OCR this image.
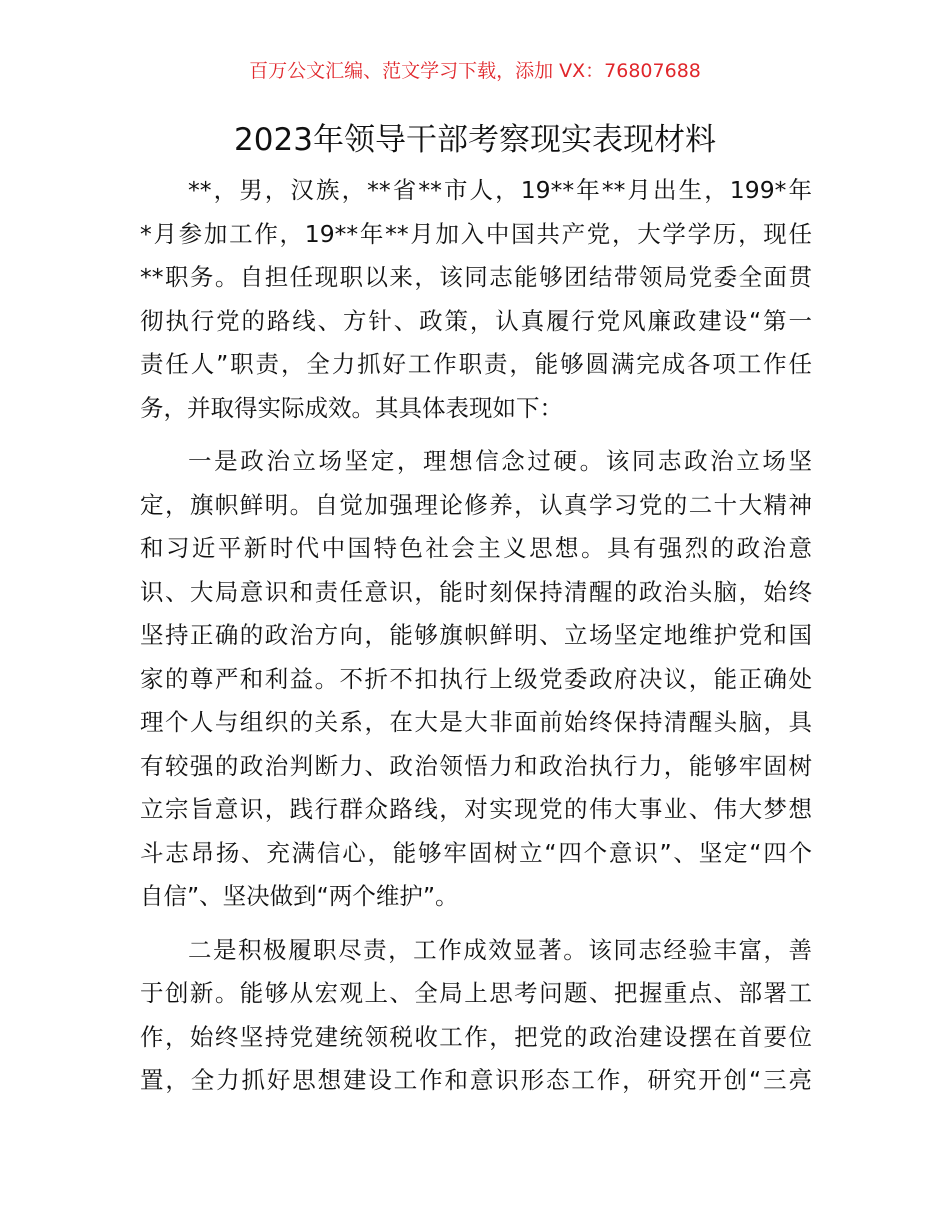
百万公文汇编、范文学习下载，添加 VX：76807688
2023年领导干部考察现实表现材料
**，男，汉族，**省**市人，19**年**月出生，199*年
*月参加工作，19**年**月加入中国共产党，大学学历，现任
**职务。自担任现职以来，该同志能够团结带领局党委全面贯
彻执行党的路线、方针、政策，认真履行党风廉政建设“第一
责任人”职责，全力抓好工作职责，能够圆满完成各项工作任
务，并取得实际成效。其具体表现如下：
一是政治立场坚定，理想信念过硬。该同志政治立场坚
定，旗帜鲜明。自觉加强理论修养，认真学习党的二十大精神
和习近平新时代中国特色社会主义思想。具有强烈的政治意
识、大局意识和责任意识，能时刻保持清醒的政治头脑，始终
坚持正确的政治方向，能够旗帜鲜明、立场坚定地维护党和国
家的尊严和利益。不折不扣执行上级党委政府决议，能正确处
理个人与组织的关系，在大是大非面前始终保持清醒头脑，具
有较强的政治判断力、政治领悟力和政治执行力，能够牢固树
立宗旨意识，践行群众路线，对实现党的伟大事业、伟大梦想
斗志昂扬、充满信心，能够牢固树立“四个意识”、坚定“四个
自信”、坚决做到“两个维护”。
二是积极履职尽责，工作成效显著。该同志经验丰富，善
于创新。能够从宏观上、全局上思考问题、把握重点、部署工
作，始终坚持党建统领税收工作，把党的政治建设摆在首要位
置，全力抓好思想建设工作和意识形态工作，研究开创“三亮
